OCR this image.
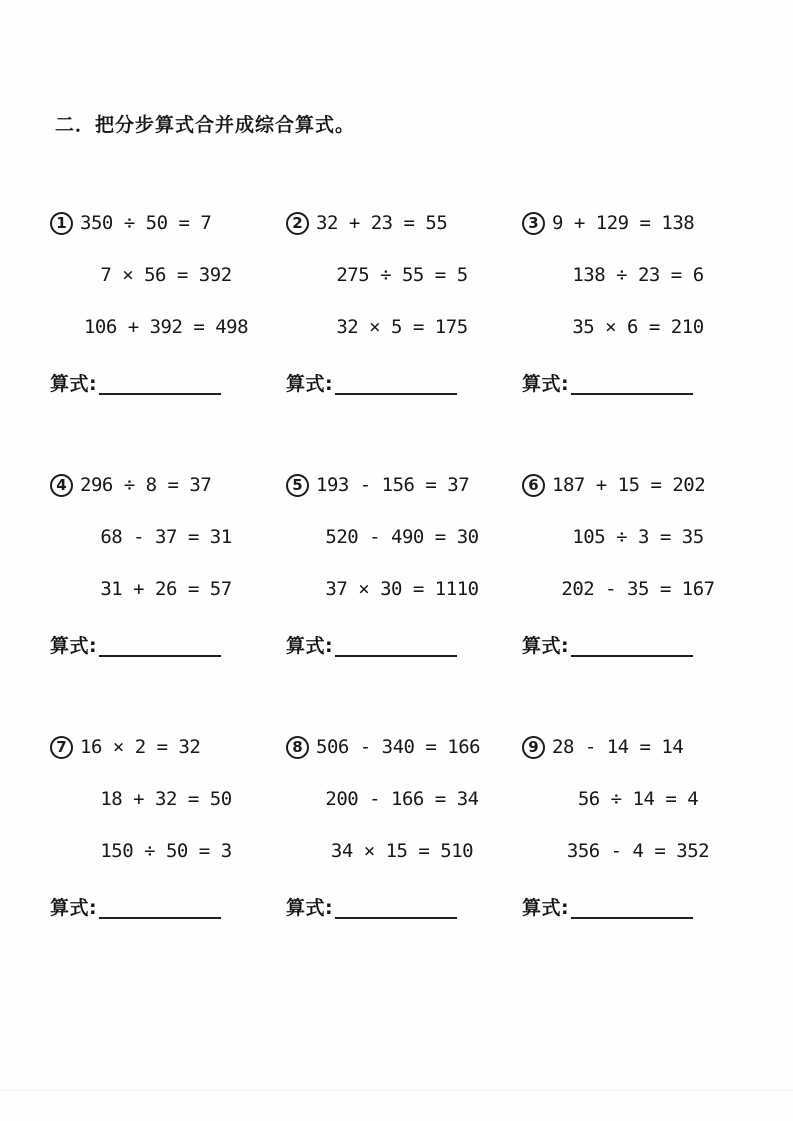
二．把分步算式合并成综合算式。
1 350 ÷ 50 = 7
7 × 56 = 392
106 + 392 = 498
算式:
2 32 + 23 = 55
275 ÷ 55 = 5
32 × 5 = 175
算式:
3 9 + 129 = 138
138 ÷ 23 = 6
35 × 6 = 210
算式:
4 296 ÷ 8 = 37
68 - 37 = 31
31 + 26 = 57
算式:
5 193 - 156 = 37
520 - 490 = 30
37 × 30 = 1110
算式:
6 187 + 15 = 202
105 ÷ 3 = 35
202 - 35 = 167
算式:
7 16 × 2 = 32
18 + 32 = 50
150 ÷ 50 = 3
算式:
8 506 - 340 = 166
200 - 166 = 34
34 × 15 = 510
算式:
9 28 - 14 = 14
56 ÷ 14 = 4
356 - 4 = 352
算式:
